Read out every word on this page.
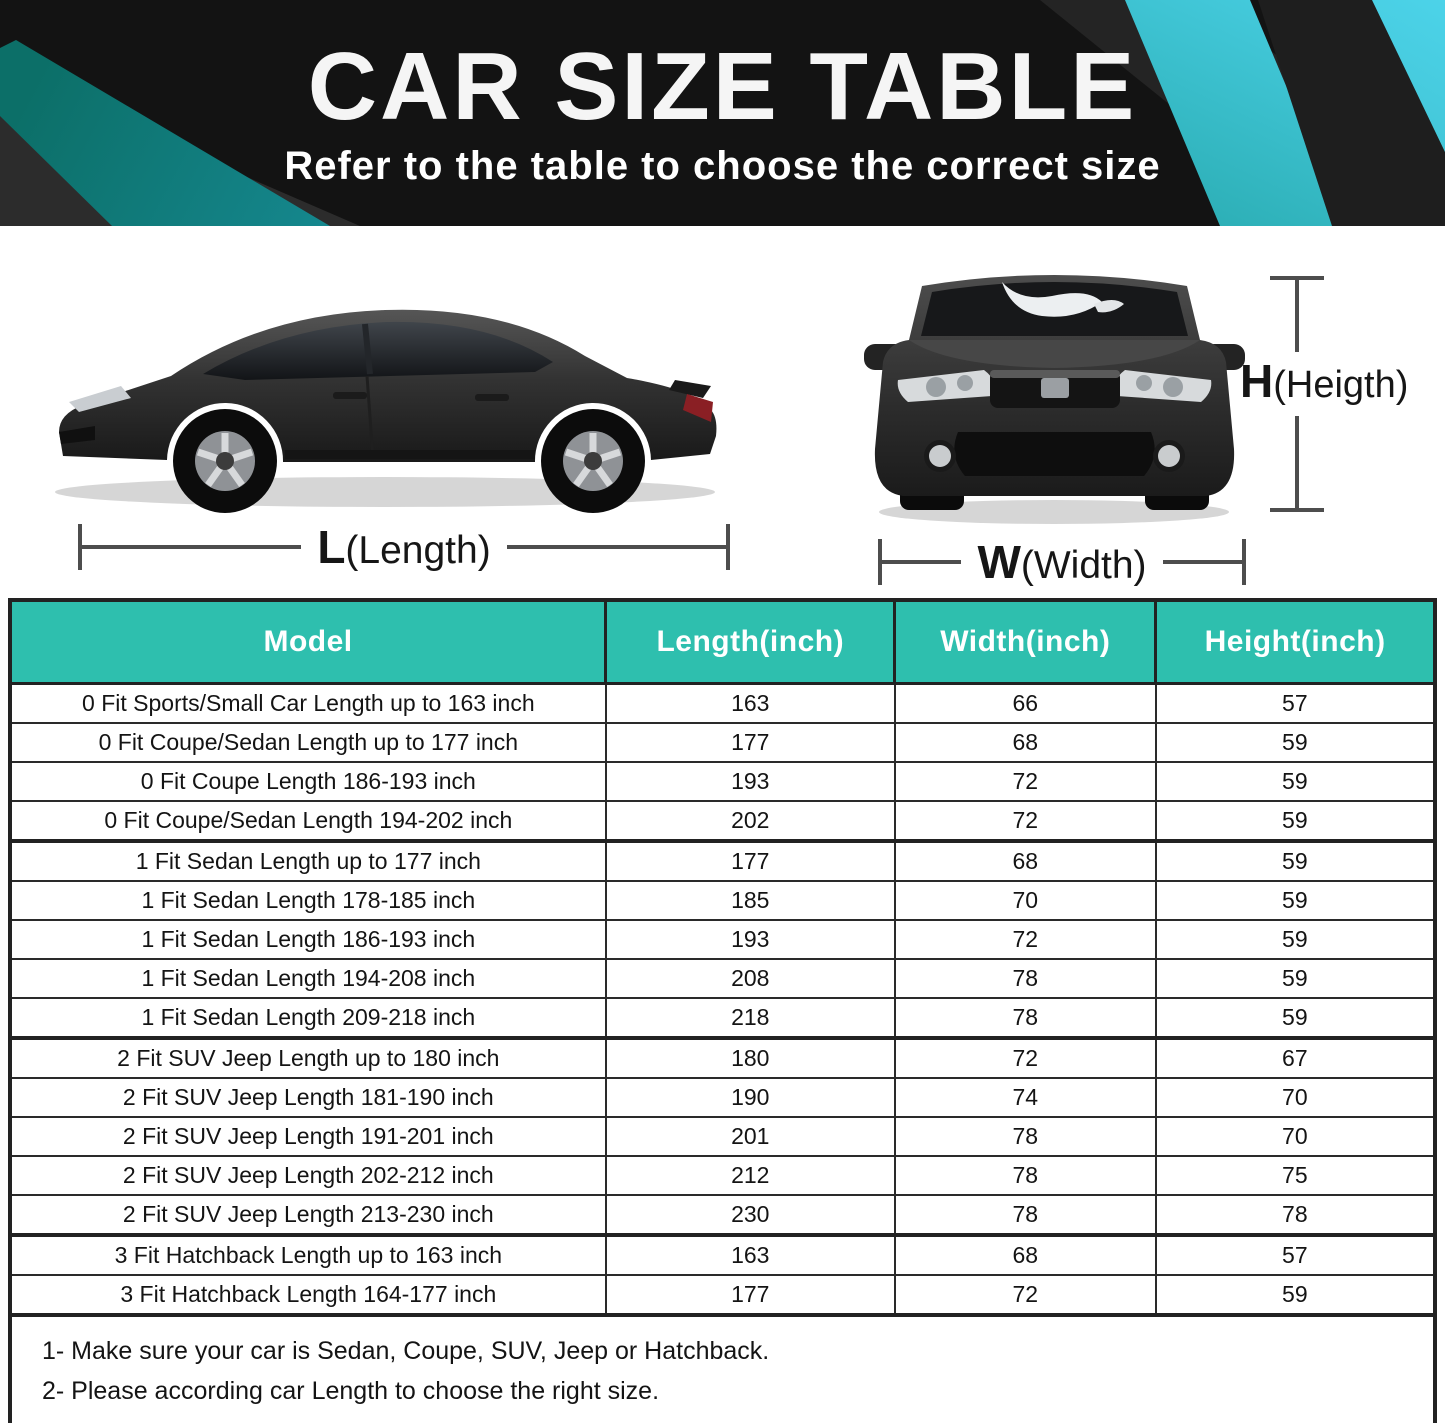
CAR SIZE TABLE

Refer to the table to choose the correct size

L(Length)	W(Width)
H(Heigth)
Model	Length(inch)	Width(inch)	Height(inch)
0 Fit Sports/Small Car Length up to 163 inch	163	66	57
0 Fit Coupe/Sedan Length up to 177 inch	177	68	59
0 Fit Coupe Length 186-193 inch	193	72	59
0 Fit Coupe/Sedan Length 194-202 inch	202	72	59
1 Fit Sedan Length up to 177 inch	177	68	59
1 Fit Sedan Length 178-185 inch	185	70	59
1 Fit Sedan Length 186-193 inch	193	72	59
1 Fit Sedan Length 194-208 inch	208	78	59
1 Fit Sedan Length 209-218 inch	218	78	59
2 Fit SUV Jeep Length up to 180 inch	180	72	67
2 Fit SUV Jeep Length 181-190 inch	190	74	70
2 Fit SUV Jeep Length 191-201 inch	201	78	70
2 Fit SUV Jeep Length 202-212 inch	212	78	75
2 Fit SUV Jeep Length 213-230 inch	230	78	78
3 Fit Hatchback Length up to 163 inch	163	68	57
3 Fit Hatchback Length 164-177 inch	177	72	59
1- Make sure your car is Sedan, Coupe, SUV, Jeep or Hatchback.
2- Please according car Length to choose the right size.
